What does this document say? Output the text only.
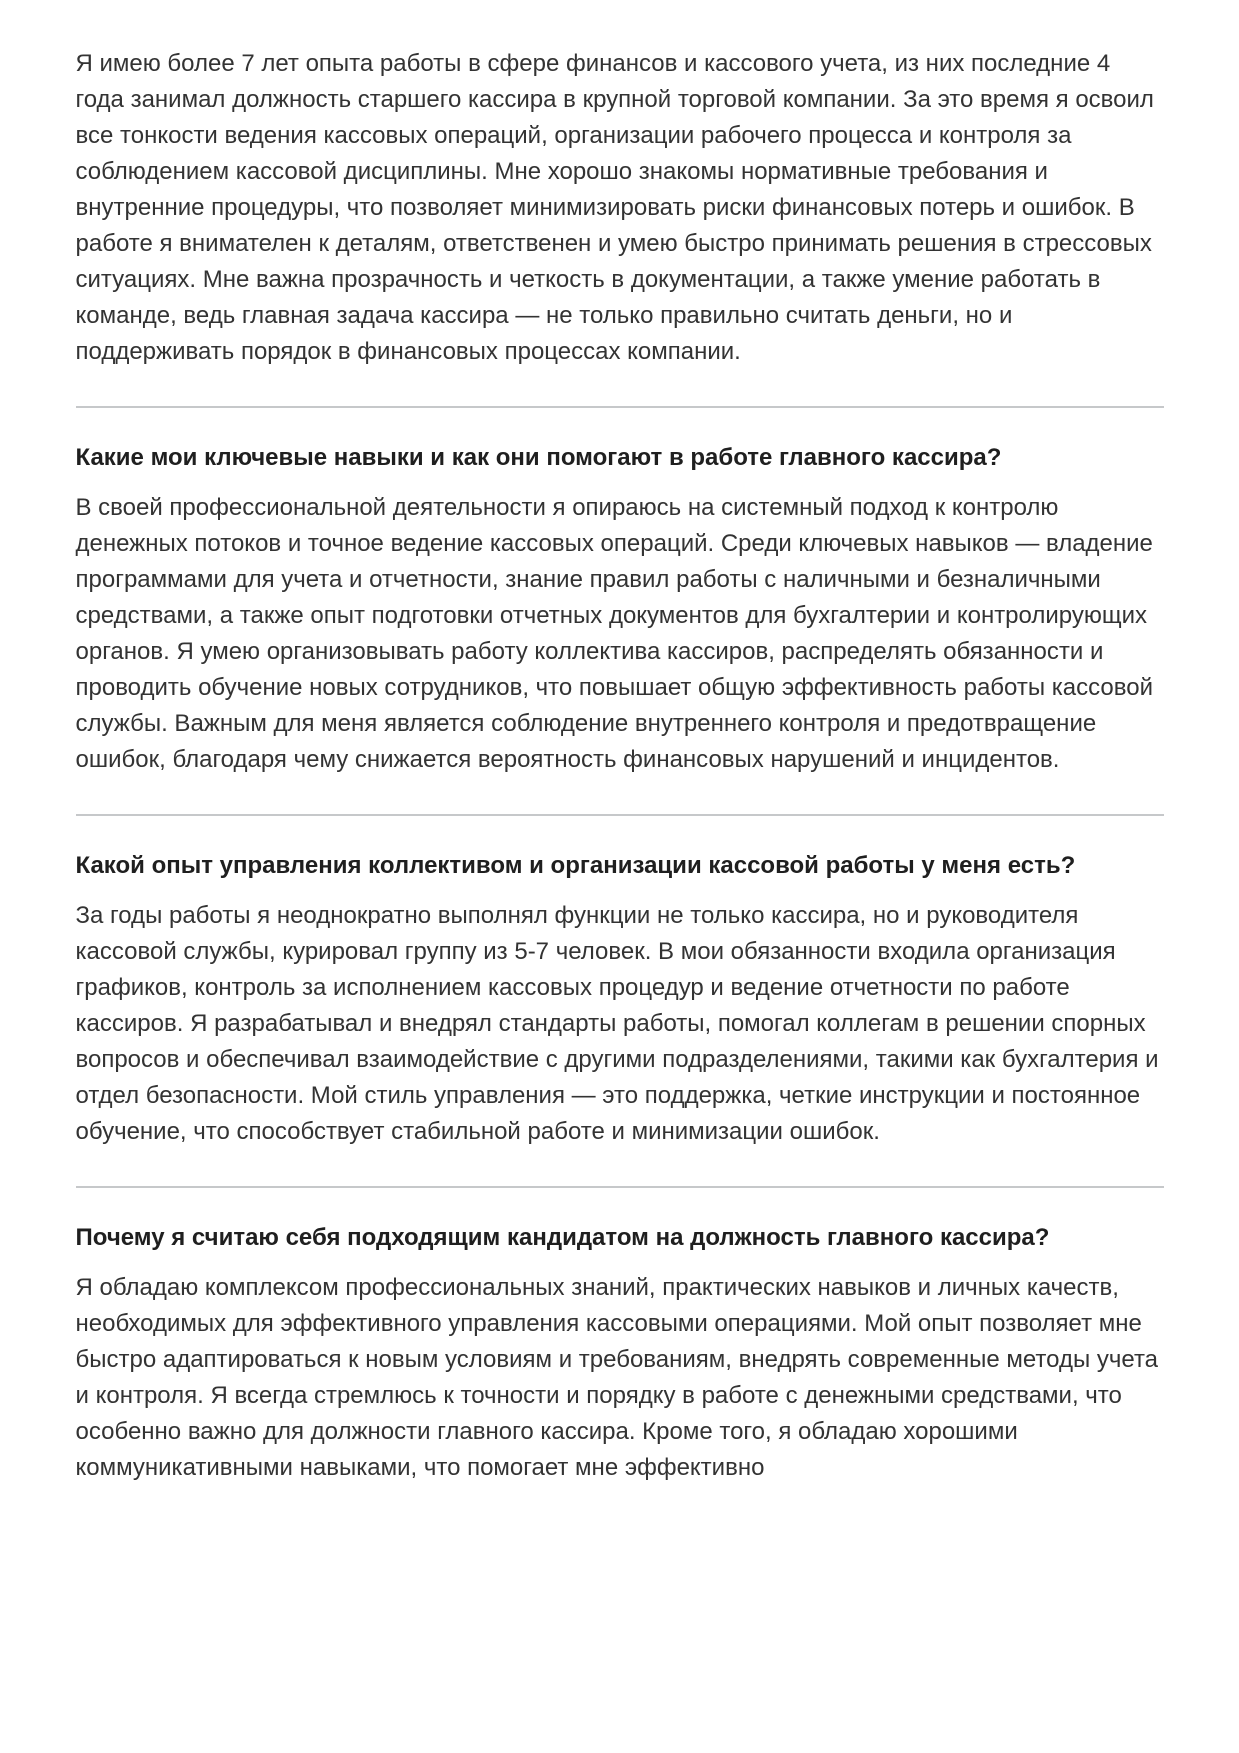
Я имею более 7 лет опыта работы в сфере финансов и кассового учета, из них последние 4 года занимал должность старшего кассира в крупной торговой компании. За это время я освоил все тонкости ведения кассовых операций, организации рабочего процесса и контроля за соблюдением кассовой дисциплины. Мне хорошо знакомы нормативные требования и внутренние процедуры, что позволяет минимизировать риски финансовых потерь и ошибок. В работе я внимателен к деталям, ответственен и умею быстро принимать решения в стрессовых ситуациях. Мне важна прозрачность и четкость в документации, а также умение работать в команде, ведь главная задача кассира — не только правильно считать деньги, но и поддерживать порядок в финансовых процессах компании.

Какие мои ключевые навыки и как они помогают в работе главного кассира?

В своей профессиональной деятельности я опираюсь на системный подход к контролю денежных потоков и точное ведение кассовых операций. Среди ключевых навыков — владение программами для учета и отчетности, знание правил работы с наличными и безналичными средствами, а также опыт подготовки отчетных документов для бухгалтерии и контролирующих органов. Я умею организовывать работу коллектива кассиров, распределять обязанности и проводить обучение новых сотрудников, что повышает общую эффективность работы кассовой службы. Важным для меня является соблюдение внутреннего контроля и предотвращение ошибок, благодаря чему снижается вероятность финансовых нарушений и инцидентов.

Какой опыт управления коллективом и организации кассовой работы у меня есть?

За годы работы я неоднократно выполнял функции не только кассира, но и руководителя кассовой службы, курировал группу из 5-7 человек. В мои обязанности входила организация графиков, контроль за исполнением кассовых процедур и ведение отчетности по работе кассиров. Я разрабатывал и внедрял стандарты работы, помогал коллегам в решении спорных вопросов и обеспечивал взаимодействие с другими подразделениями, такими как бухгалтерия и отдел безопасности. Мой стиль управления — это поддержка, четкие инструкции и постоянное обучение, что способствует стабильной работе и минимизации ошибок.

Почему я считаю себя подходящим кандидатом на должность главного кассира?

Я обладаю комплексом профессиональных знаний, практических навыков и личных качеств, необходимых для эффективного управления кассовыми операциями. Мой опыт позволяет мне быстро адаптироваться к новым условиям и требованиям, внедрять современные методы учета и контроля. Я всегда стремлюсь к точности и порядку в работе с денежными средствами, что особенно важно для должности главного кассира. Кроме того, я обладаю хорошими коммуникативными навыками, что помогает мне эффективно
